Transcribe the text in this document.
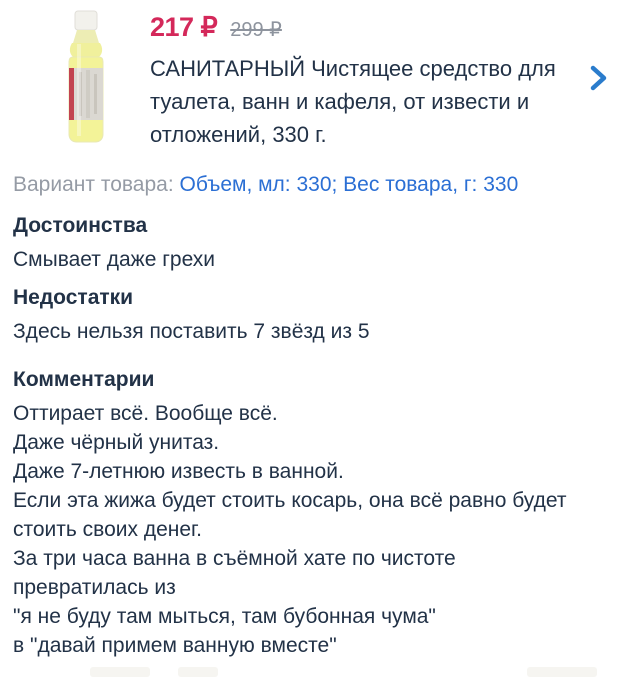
217 ₽ 299 ₽
САНИТАРНЫЙ Чистящее средство для туалета, ванн и кафеля, от извести и отложений, 330 г.
Вариант товара: Объем, мл: 330; Вес товара, г: 330
Достоинства
Смывает даже грехи
Недостатки
Здесь нельзя поставить 7 звёзд из 5
Комментарии
Оттирает всё. Вообще всё.
Даже чёрный унитаз.
Даже 7-летнюю известь в ванной.
Если эта жижа будет стоить косарь, она всё равно будет
стоить своих денег.
За три часа ванна в съёмной хате по чистоте
превратилась из
"я не буду там мыться, там бубонная чума"
в "давай примем ванную вместе"
